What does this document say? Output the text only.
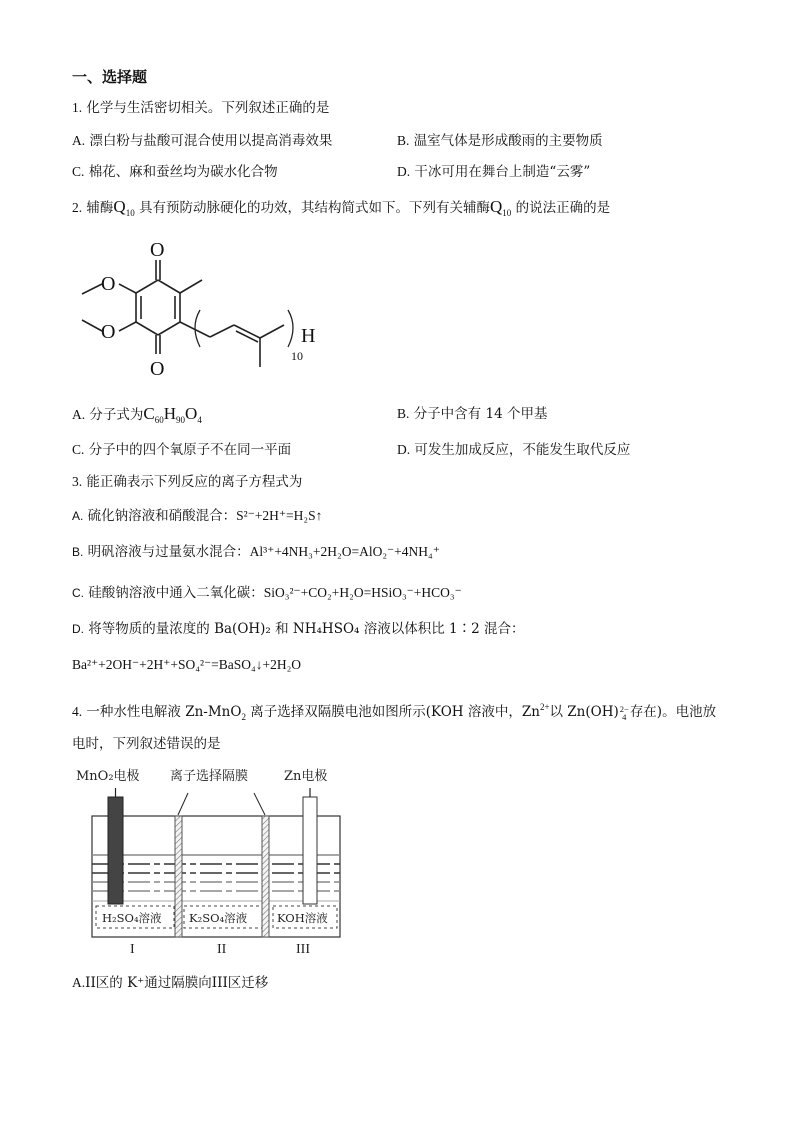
一、选择题
1. 化学与生活密切相关。下列叙述正确的是
A. 漂白粉与盐酸可混合使用以提高消毒效果	B. 温室气体是形成酸雨的主要物质
C. 棉花、麻和蚕丝均为碳水化合物	D. 干冰可用在舞台上制造“云雾”
2. 辅酶$Q_{10}$ 具有预防动脉硬化的功效，其结构简式如下。下列有关辅酶$Q_{10}$ 的说法正确的是
O
O
O
O	H
10
A. 分子式为$C_{60}H_{90}O_4$	B. 分子中含有 14 个甲基
C. 分子中的四个氧原子不在同一平面	D. 可发生加成反应，不能发生取代反应
3. 能正确表示下列反应的离子方程式为
A. 硫化钠溶液和硝酸混合：S²⁻+2H⁺=H₂S↑
B. 明矾溶液与过量氨水混合：Al³⁺+4NH₃+2H₂O=AlO₂⁻+4NH₄⁺
C. 硅酸钠溶液中通入二氧化碳：SiO₃²⁻+CO₂+H₂O=HSiO₃⁻+HCO₃⁻
D. 将等物质的量浓度的 Ba(OH)₂ 和 NH₄HSO₄ 溶液以体积比 1∶2 混合：
Ba²⁺+2OH⁻+2H⁺+SO₄²⁻=BaSO₄↓+2H₂O
4. 一种水性电解液 Zn-MnO$_2$ 离子选择双隔膜电池如图所示(KOH 溶液中，$Zn^{2+}$以 Zn(OH) 2−
4 存在)。电池放
电时，下列叙述错误的是
MnO₂电极 离子选择隔膜	Zn电极
H₂SO₄溶液 K₂SO₄溶液	KOH溶液
I	II	III
A.II区的 K⁺通过隔膜向III区迁移
